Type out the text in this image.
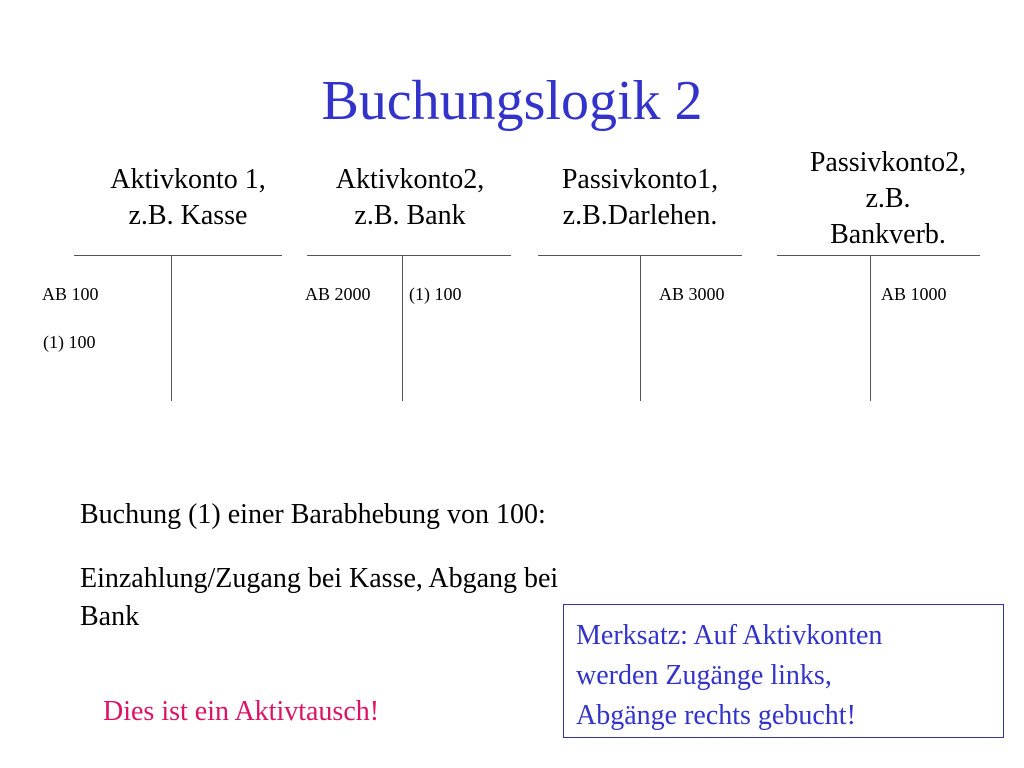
Buchungslogik 2
Aktivkonto 1,
z.B. Kasse
AB 100
(1) 100
Aktivkonto2,
z.B. Bank
AB 2000 (1) 100
Passivkonto1,
z.B.Darlehen.
AB 3000
Passivkonto2,
z.B.
Bankverb.
AB 1000
Buchung (1) einer Barabhebung von 100:
Einzahlung/Zugang bei Kasse, Abgang bei
Bank
Dies ist ein Aktivtausch!
Merksatz: Auf Aktivkonten
werden Zugänge links,
Abgänge rechts gebucht!
